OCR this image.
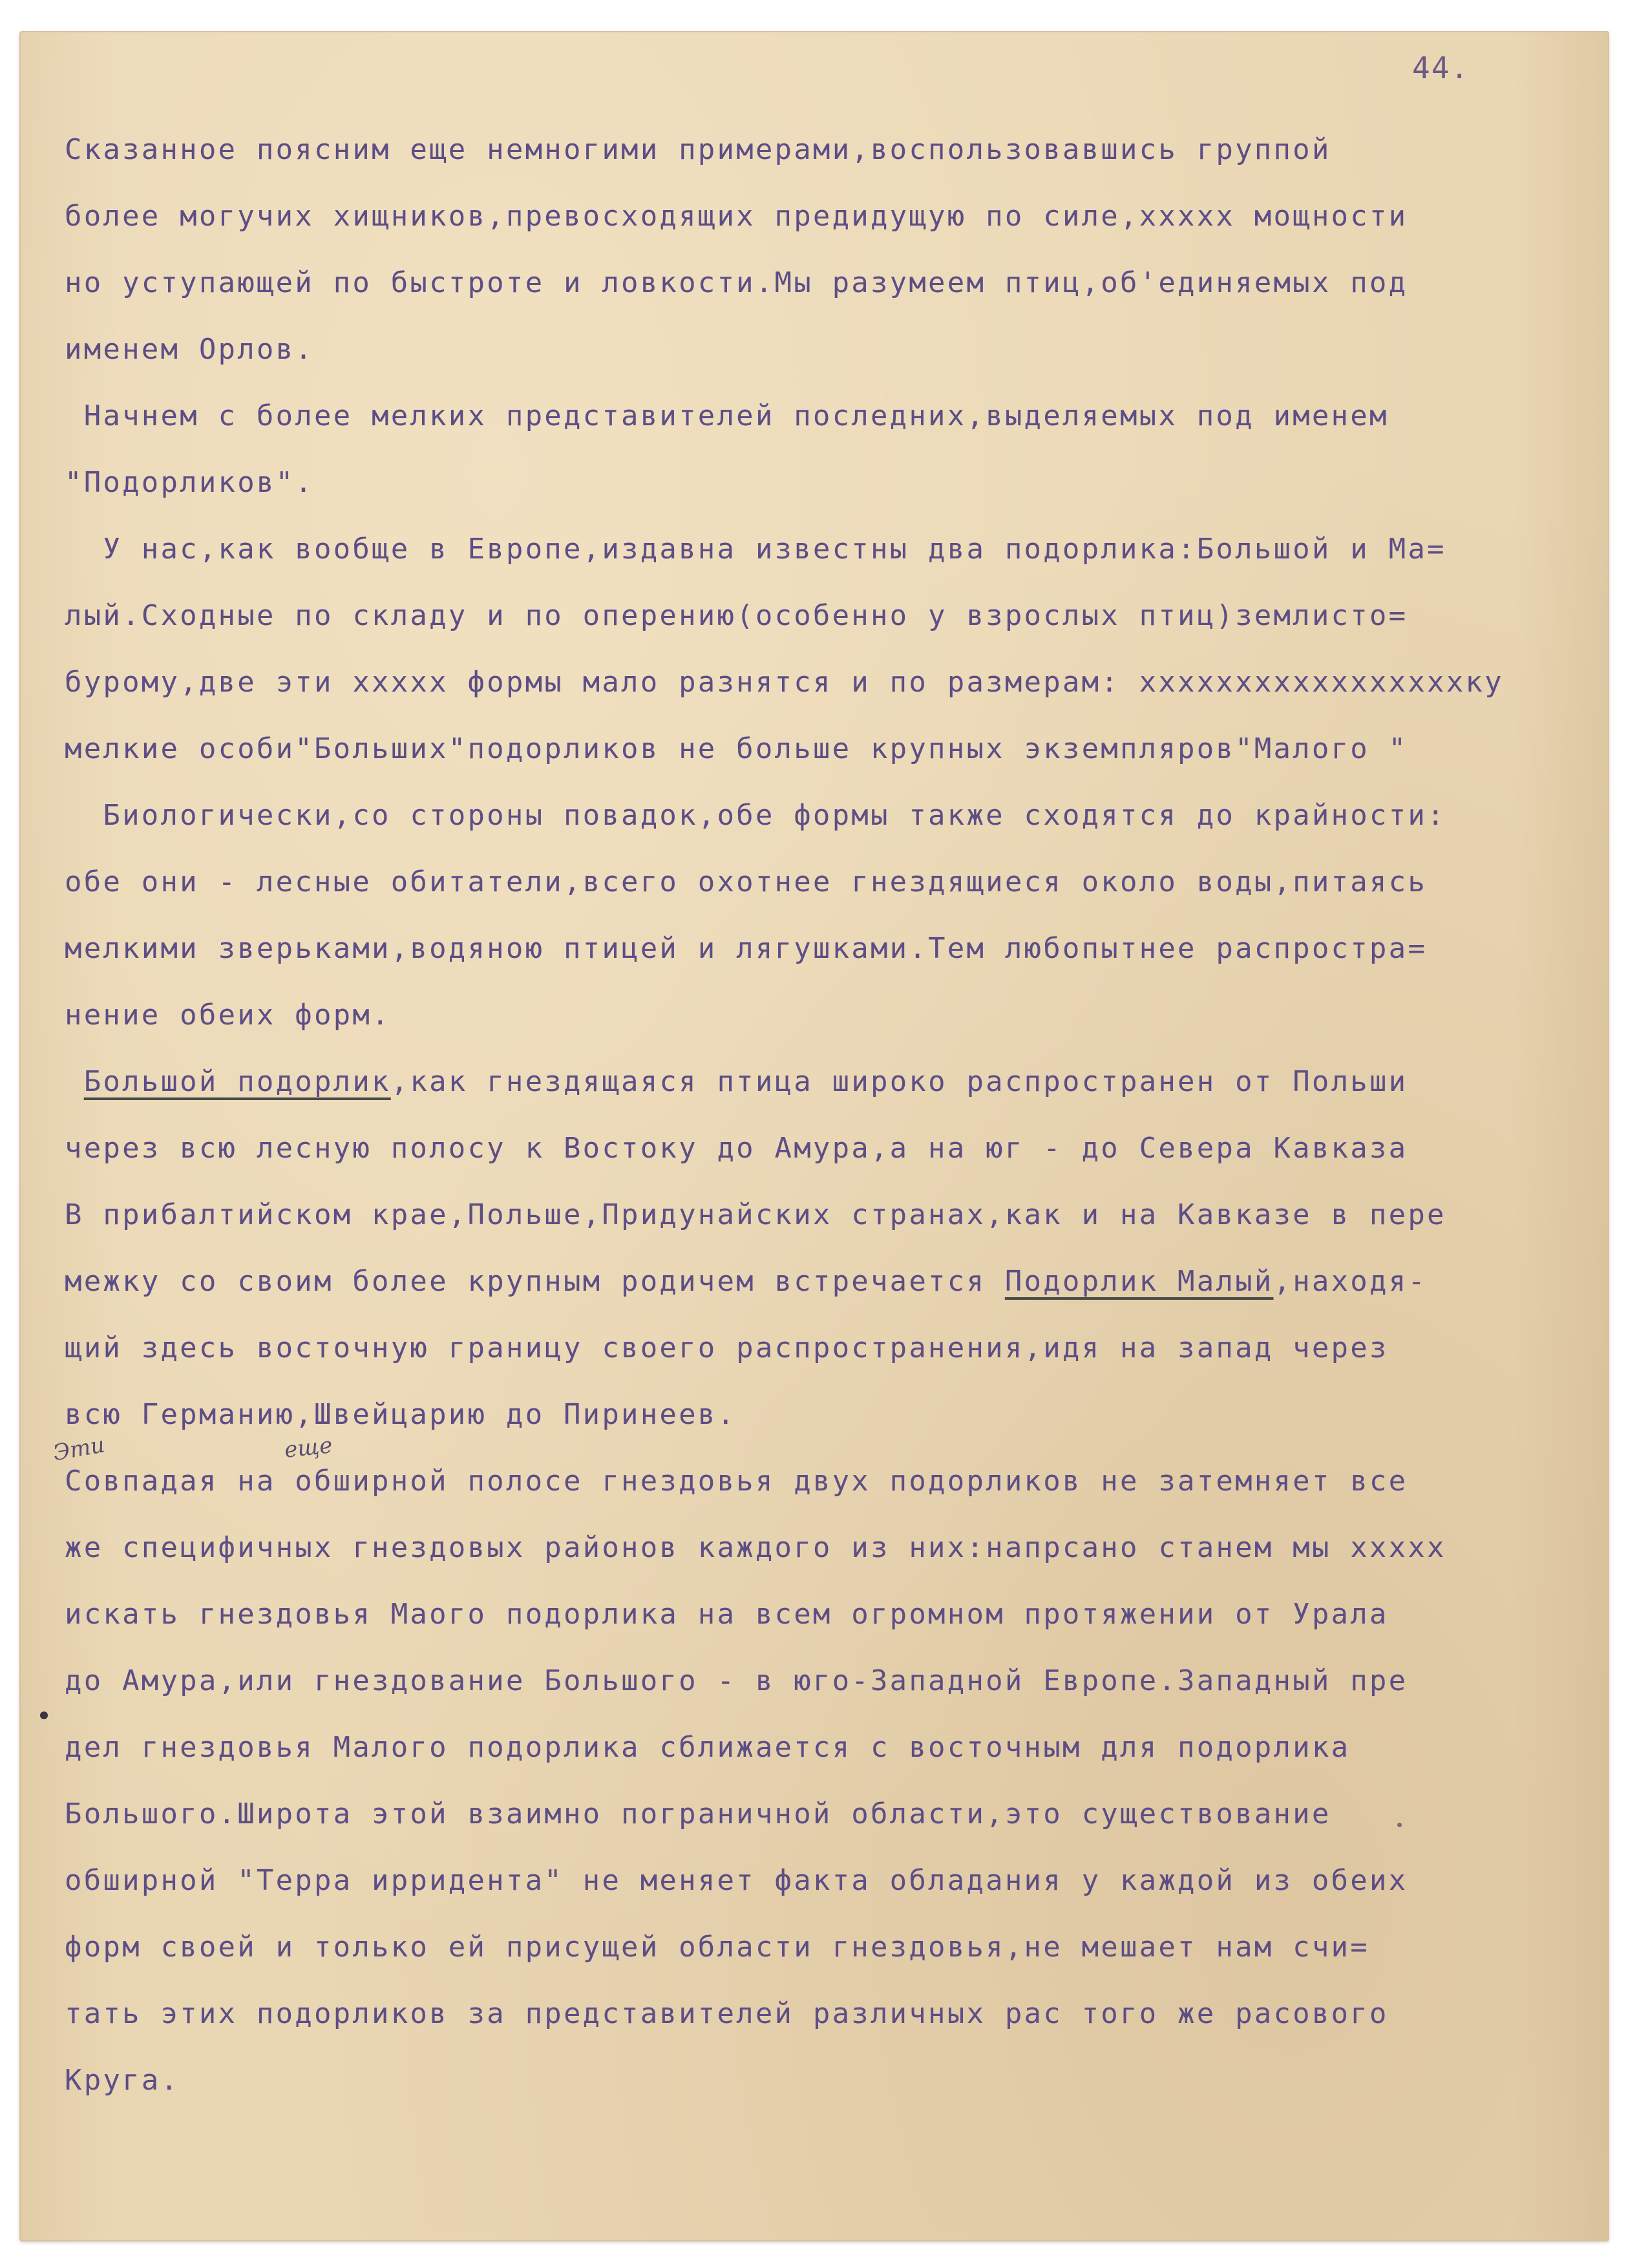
44.
Эти	еще
Сказанное поясним еще немногими примерами,воспользовавшись группой
более могучих хищников,превосходящих предидущую по силе,xxxxx мощности
но уступающей по быстроте и ловкости.Мы разумеем птиц,об'единяемых под
именем Орлов.
Начнем с более мелких представителей последних,выделяемых под именем
"Подорликов".
У нас,как вообще в Европе,издавна известны два подорлика:Большой и Ма=
лый.Сходные по складу и по оперению(особенно у взрослых птиц)землисто=
бурому,две эти xxxxx формы мало разнятся и по размерам: xxxxxxxxxxxxxxxxxку
мелкие особи"Больших"подорликов не больше крупных экземпляров"Малого "
Биологически,со стороны повадок,обе формы также сходятся до крайности:
обе они - лесные обитатели,всего охотнее гнездящиеся около воды,питаясь
мелкими зверьками,водяною птицей и лягушками.Тем любопытнее распростра=
нение обеих форм.
Большой подорлик,как гнездящаяся птица широко распространен от Польши
через всю лесную полосу к Востоку до Амура,а на юг - до Севера Кавказа
В прибалтийском крае,Польше,Придунайских странах,как и на Кавказе в пере
межку со своим более крупным родичем встречается Подорлик Малый,находя-
щий здесь восточную границу своего распространения,идя на запад через
всю Германию,Швейцарию до Пиринеев.
Совпадая на обширной полосе гнездовья двух подорликов не затемняет все
же специфичных гнездовых районов каждого из них:напрсано станем мы xxxxx
искать гнездовья Маого подорлика на всем огромном протяжении от Урала
до Амура,или гнездование Большого - в юго-Западной Европе.Западный пре
дел гнездовья Малого подорлика сближается с восточным для подорлика
Большого.Широта этой взаимно пограничной области,это существование
обширной "Терра ирридента" не меняет факта обладания у каждой из обеих
форм своей и только ей присущей области гнездовья,не мешает нам счи=
тать этих подорликов за представителей различных рас того же расового
Круга.
